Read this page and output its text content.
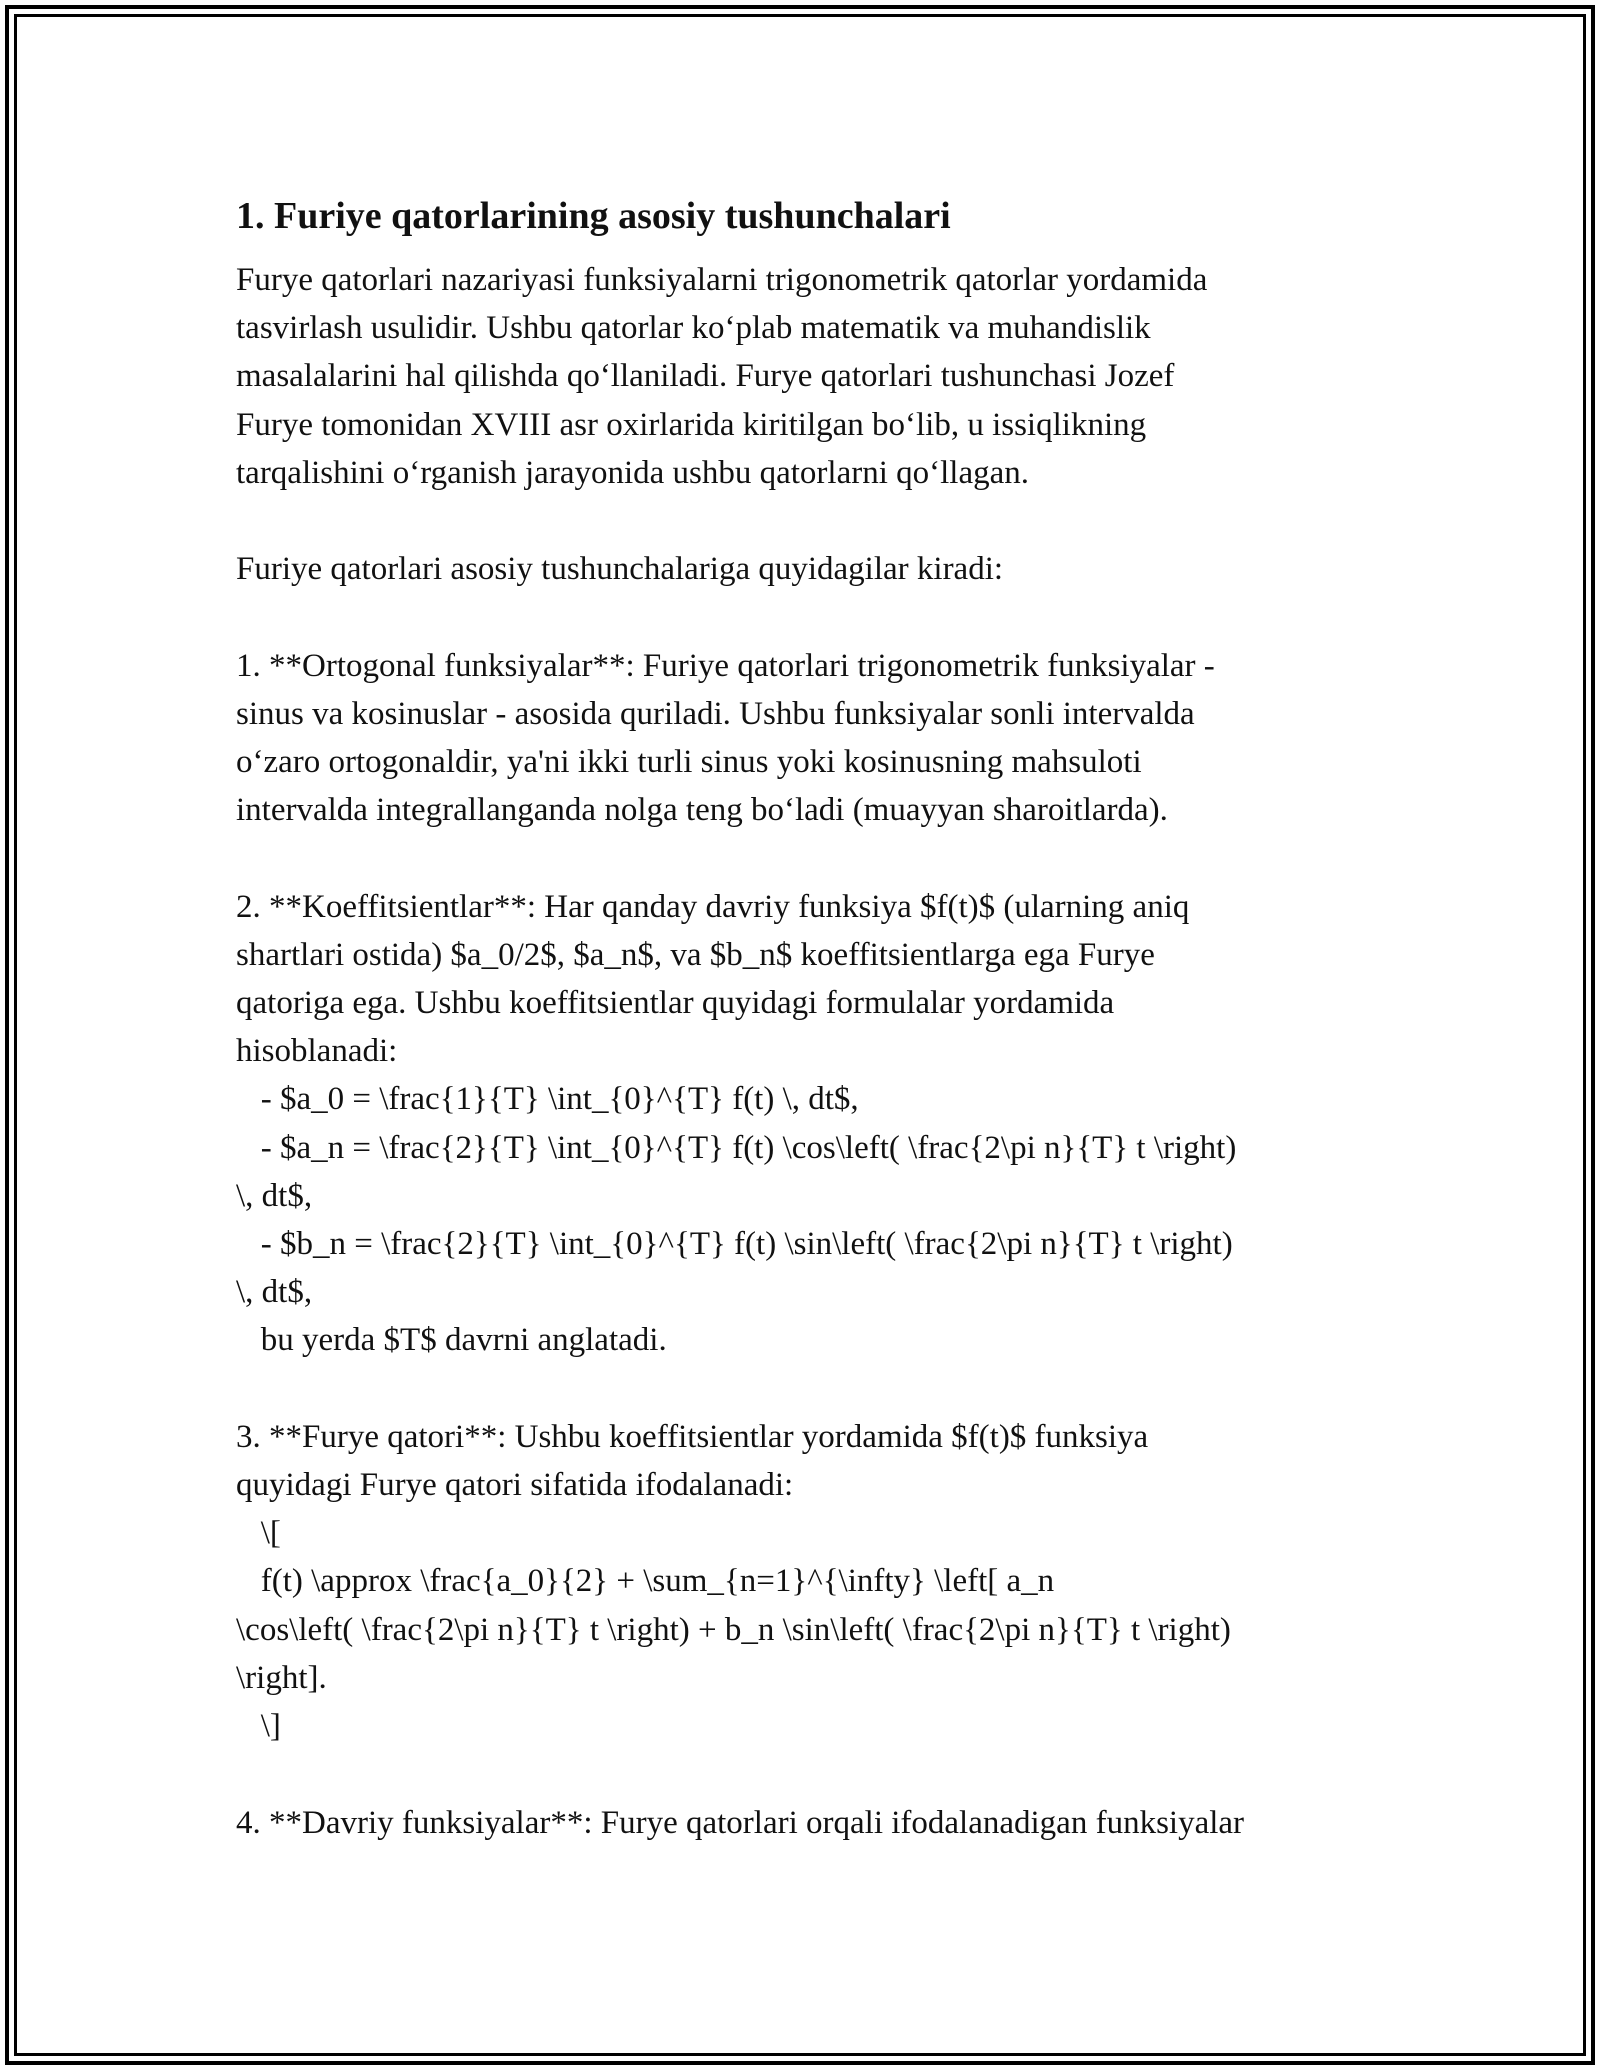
1. Furiye qatorlarining asosiy tushunchalari
Furye qatorlari nazariyasi funksiyalarni trigonometrik qatorlar yordamida
tasvirlash usulidir. Ushbu qatorlar ko‘plab matematik va muhandislik
masalalarini hal qilishda qo‘llaniladi. Furye qatorlari tushunchasi Jozef
Furye tomonidan XVIII asr oxirlarida kiritilgan bo‘lib, u issiqlikning
tarqalishini o‘rganish jarayonida ushbu qatorlarni qo‘llagan.

Furiye qatorlari asosiy tushunchalariga quyidagilar kiradi:

1. **Ortogonal funksiyalar**: Furiye qatorlari trigonometrik funksiyalar -
sinus va kosinuslar - asosida quriladi. Ushbu funksiyalar sonli intervalda
o‘zaro ortogonaldir, ya'ni ikki turli sinus yoki kosinusning mahsuloti
intervalda integrallanganda nolga teng bo‘ladi (muayyan sharoitlarda).

2. **Koeffitsientlar**: Har qanday davriy funksiya $f(t)$ (ularning aniq
shartlari ostida) $a_0/2$, $a_n$, va $b_n$ koeffitsientlarga ega Furye
qatoriga ega. Ushbu koeffitsientlar quyidagi formulalar yordamida
hisoblanadi:
- $a_0 = \frac{1}{T} \int_{0}^{T} f(t) \, dt$,
- $a_n = \frac{2}{T} \int_{0}^{T} f(t) \cos\left( \frac{2\pi n}{T} t \right)
\, dt$,
- $b_n = \frac{2}{T} \int_{0}^{T} f(t) \sin\left( \frac{2\pi n}{T} t \right)
\, dt$,
bu yerda $T$ davrni anglatadi.

3. **Furye qatori**: Ushbu koeffitsientlar yordamida $f(t)$ funksiya
quyidagi Furye qatori sifatida ifodalanadi:
\[
f(t) \approx \frac{a_0}{2} + \sum_{n=1}^{\infty} \left[ a_n
\cos\left( \frac{2\pi n}{T} t \right) + b_n \sin\left( \frac{2\pi n}{T} t \right)
\right].
\]

4. **Davriy funksiyalar**: Furye qatorlari orqali ifodalanadigan funksiyalar
